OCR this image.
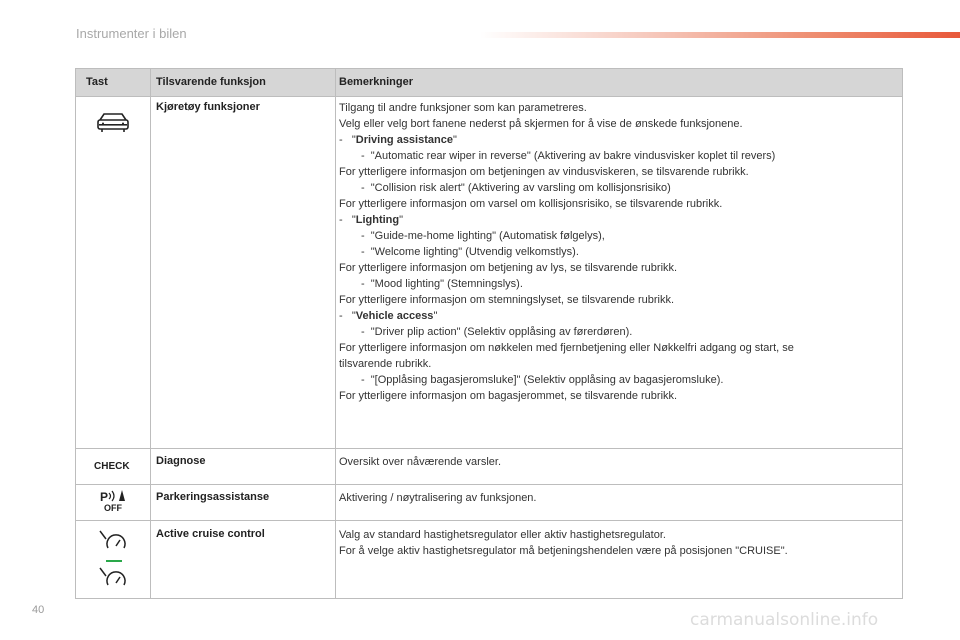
Instrumenter i bilen
Tast	Tilsvarende funksjon	Bemerkninger
Kjøretøy funksjoner	Tilgang til andre funksjoner som kan parametreres.
Velg eller velg bort fanene nederst på skjermen for å vise de ønskede funksjonene.
-   "Driving assistance"
-  "Automatic rear wiper in reverse" (Aktivering av bakre vindusvisker koplet til revers)
For ytterligere informasjon om betjeningen av vindusviskeren, se tilsvarende rubrikk.
-  "Collision risk alert" (Aktivering av varsling om kollisjonsrisiko)
For ytterligere informasjon om varsel om kollisjonsrisiko, se tilsvarende rubrikk.
-   "Lighting"
-  "Guide-me-home lighting" (Automatisk følgelys),
-  "Welcome lighting" (Utvendig velkomstlys).
For ytterligere informasjon om betjening av lys, se tilsvarende rubrikk.
-  "Mood lighting" (Stemningslys).
For ytterligere informasjon om stemningslyset, se tilsvarende rubrikk.
-   "Vehicle access"
-  "Driver plip action" (Selektiv opplåsing av førerdøren).
For ytterligere informasjon om nøkkelen med fjernbetjening eller Nøkkelfri adgang og start, se
tilsvarende rubrikk.
-  "[Opplåsing bagasjeromsluke]" (Selektiv opplåsing av bagasjeromsluke).
For ytterligere informasjon om bagasjerommet, se tilsvarende rubrikk.
CHECK Diagnose	Oversikt over nåværende varsler.
P
OFF
Parkeringsassistanse	Aktivering / nøytralisering av funksjonen.
Active cruise control	Valg av standard hastighetsregulator eller aktiv hastighetsregulator.
For å velge aktiv hastighetsregulator må betjeningshendelen være på posisjonen "CRUISE".
40	carmanualsonline.info
